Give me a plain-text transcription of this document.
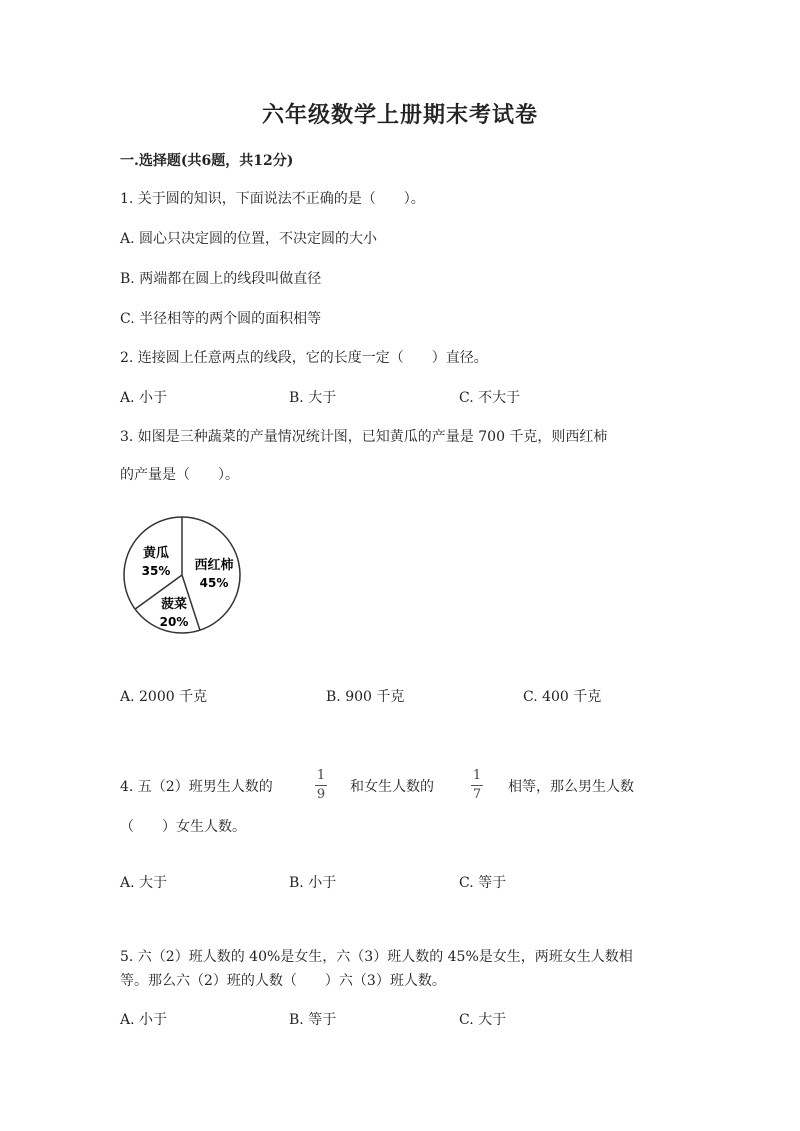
六年级数学上册期末考试卷
一.选择题(共6题，共12分)
1. 关于圆的知识，下面说法不正确的是（　　）。
A. 圆心只决定圆的位置，不决定圆的大小
B. 两端都在圆上的线段叫做直径
C. 半径相等的两个圆的面积相等
2. 连接圆上任意两点的线段，它的长度一定（　　）直径。
A. 小于	B. 大于	C. 不大于
3. 如图是三种蔬菜的产量情况统计图，已知黄瓜的产量是 700 千克，则西红柿
的产量是（　　）。
西红柿
45%
菠菜
20%
黄瓜
35%
A. 2000 千克	B. 900 千克	C. 400 千克
4. 五（2）班男生人数的
1
9	和女生人数的
1
7	相等，那么男生人数
（　　）女生人数。
A. 大于	B. 小于	C. 等于
5. 六（2）班人数的 40%是女生，六（3）班人数的 45%是女生，两班女生人数相
等。那么六（2）班的人数（　　）六（3）班人数。
A. 小于	B. 等于	C. 大于
